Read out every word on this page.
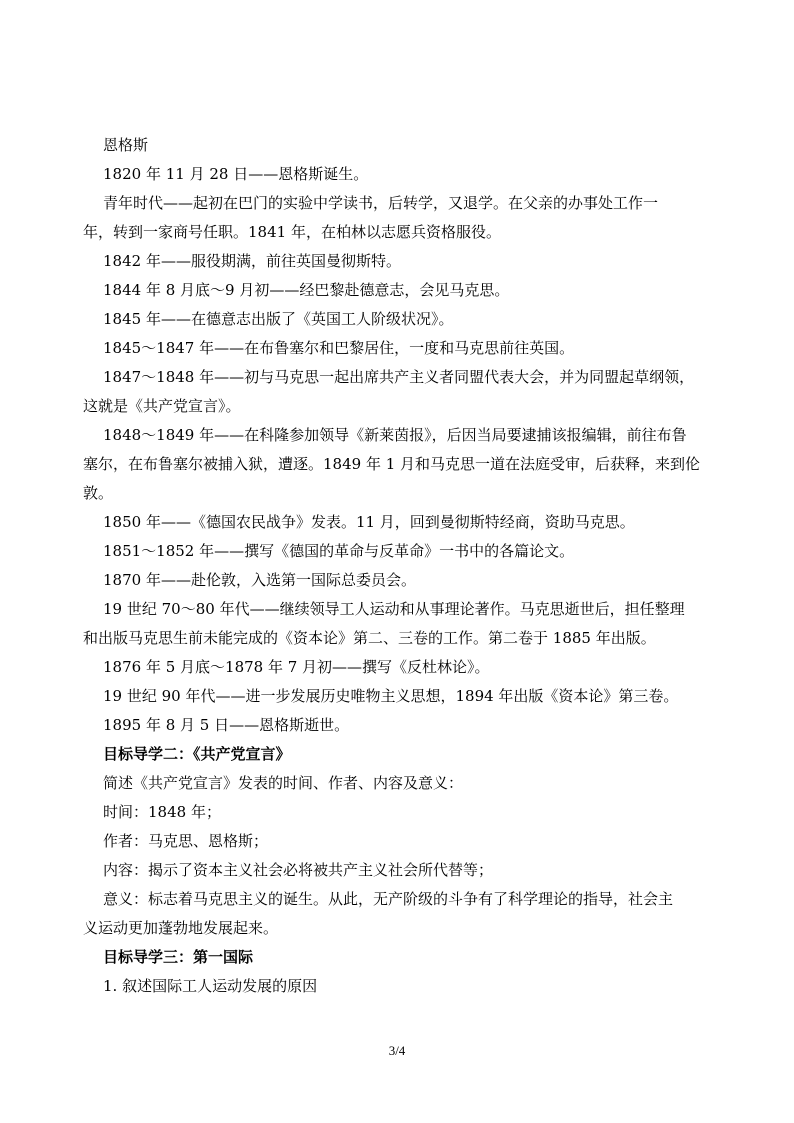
恩格斯

1820 年 11 月 28 日——恩格斯诞生。

青年时代——起初在巴门的实验中学读书，后转学，又退学。在父亲的办事处工作一

年，转到一家商号任职。1841 年，在柏林以志愿兵资格服役。

1842 年——服役期满，前往英国曼彻斯特。

1844 年 8 月底～9 月初——经巴黎赴德意志，会见马克思。

1845 年——在德意志出版了《英国工人阶级状况》。

1845～1847 年——在布鲁塞尔和巴黎居住，一度和马克思前往英国。

1847～1848 年——初与马克思一起出席共产主义者同盟代表大会，并为同盟起草纲领，

这就是《共产党宣言》。

1848～1849 年——在科隆参加领导《新莱茵报》，后因当局要逮捕该报编辑，前往布鲁

塞尔，在布鲁塞尔被捕入狱，遭逐。1849 年 1 月和马克思一道在法庭受审，后获释，来到伦

敦。

1850 年——《德国农民战争》发表。11 月，回到曼彻斯特经商，资助马克思。

1851～1852 年——撰写《德国的革命与反革命》一书中的各篇论文。

1870 年——赴伦敦，入选第一国际总委员会。

19 世纪 70～80 年代——继续领导工人运动和从事理论著作。马克思逝世后，担任整理

和出版马克思生前未能完成的《资本论》第二、三卷的工作。第二卷于 1885 年出版。

1876 年 5 月底～1878 年 7 月初——撰写《反杜林论》。

19 世纪 90 年代——进一步发展历史唯物主义思想，1894 年出版《资本论》第三卷。

1895 年 8 月 5 日——恩格斯逝世。

目标导学二：《共产党宣言》

简述《共产党宣言》发表的时间、作者、内容及意义：

时间：1848 年；

作者：马克思、恩格斯；

内容：揭示了资本主义社会必将被共产主义社会所代替等；

意义：标志着马克思主义的诞生。从此，无产阶级的斗争有了科学理论的指导，社会主

义运动更加蓬勃地发展起来。

目标导学三：第一国际

1. 叙述国际工人运动发展的原因

3/4
